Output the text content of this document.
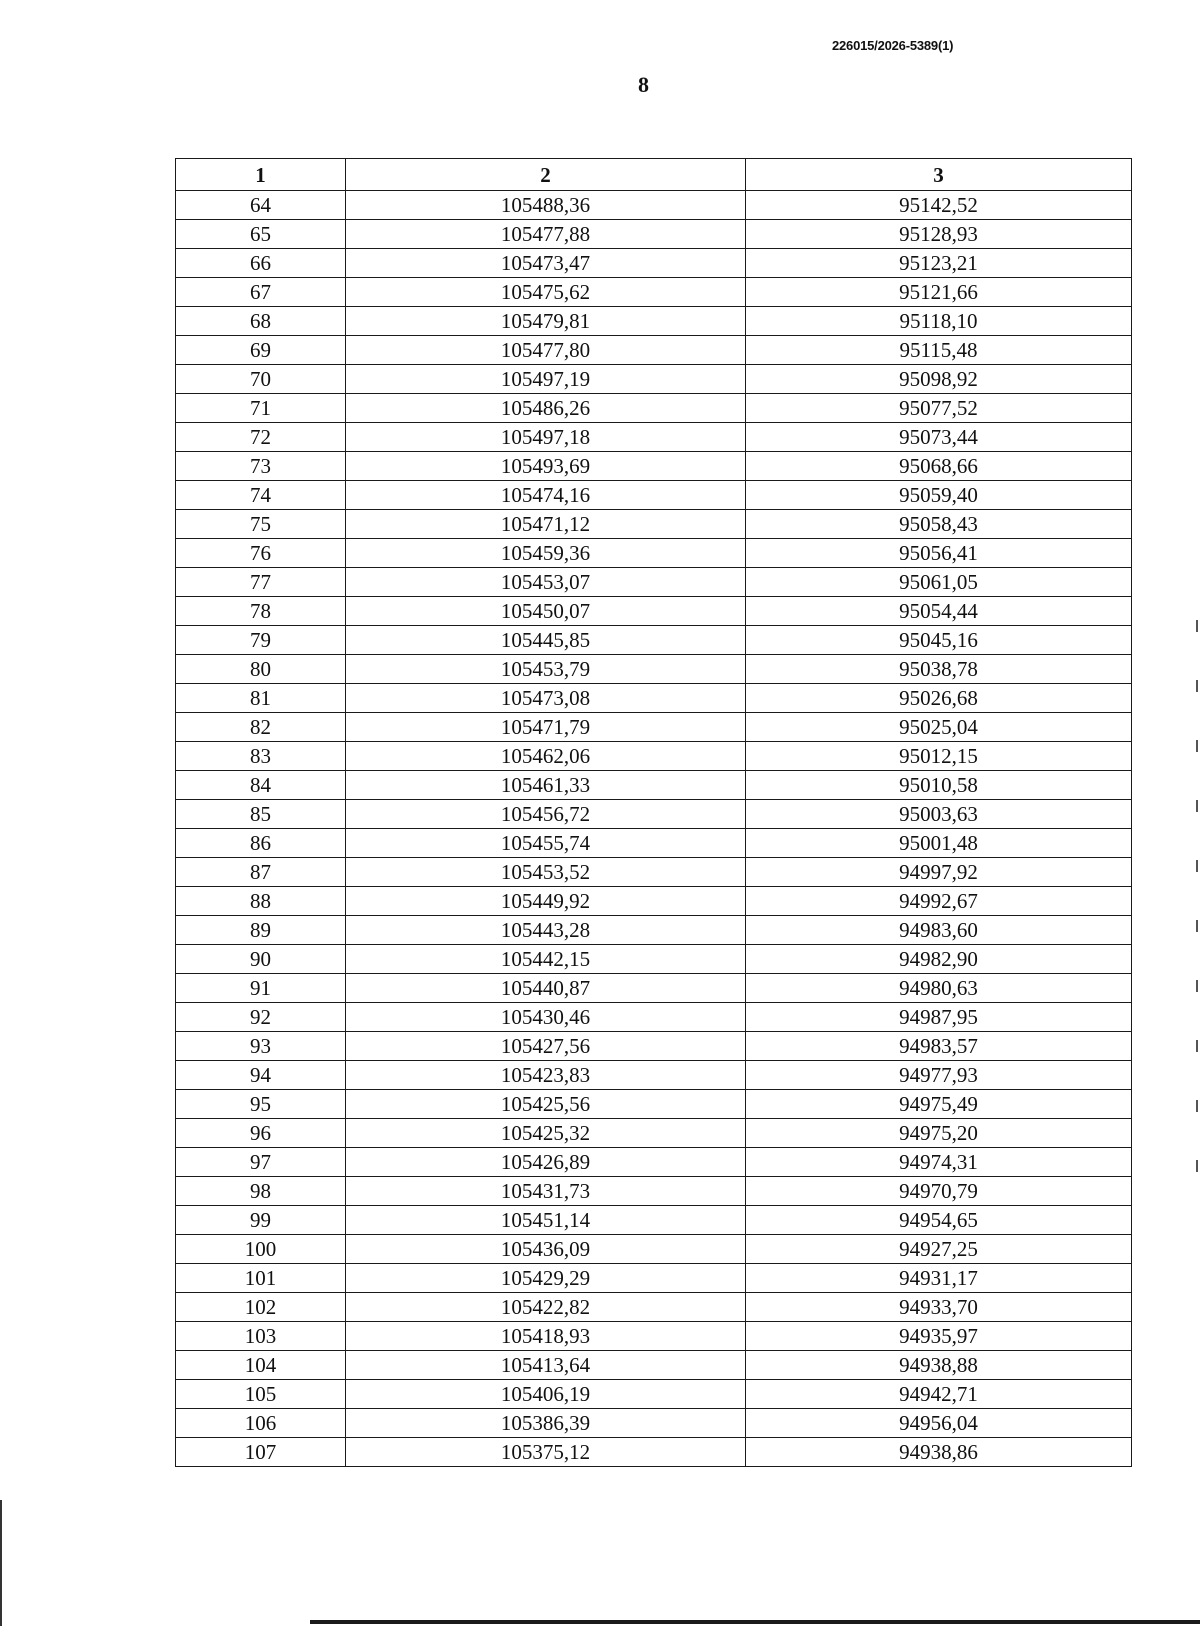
226015/2026-5389(1)
8
1	2	3
64	105488,36	95142,52
65	105477,88	95128,93
66	105473,47	95123,21
67	105475,62	95121,66
68	105479,81	95118,10
69	105477,80	95115,48
70	105497,19	95098,92
71	105486,26	95077,52
72	105497,18	95073,44
73	105493,69	95068,66
74	105474,16	95059,40
75	105471,12	95058,43
76	105459,36	95056,41
77	105453,07	95061,05
78	105450,07	95054,44
79	105445,85	95045,16
80	105453,79	95038,78
81	105473,08	95026,68
82	105471,79	95025,04
83	105462,06	95012,15
84	105461,33	95010,58
85	105456,72	95003,63
86	105455,74	95001,48
87	105453,52	94997,92
88	105449,92	94992,67
89	105443,28	94983,60
90	105442,15	94982,90
91	105440,87	94980,63
92	105430,46	94987,95
93	105427,56	94983,57
94	105423,83	94977,93
95	105425,56	94975,49
96	105425,32	94975,20
97	105426,89	94974,31
98	105431,73	94970,79
99	105451,14	94954,65
100	105436,09	94927,25
101	105429,29	94931,17
102	105422,82	94933,70
103	105418,93	94935,97
104	105413,64	94938,88
105	105406,19	94942,71
106	105386,39	94956,04
107	105375,12	94938,86
